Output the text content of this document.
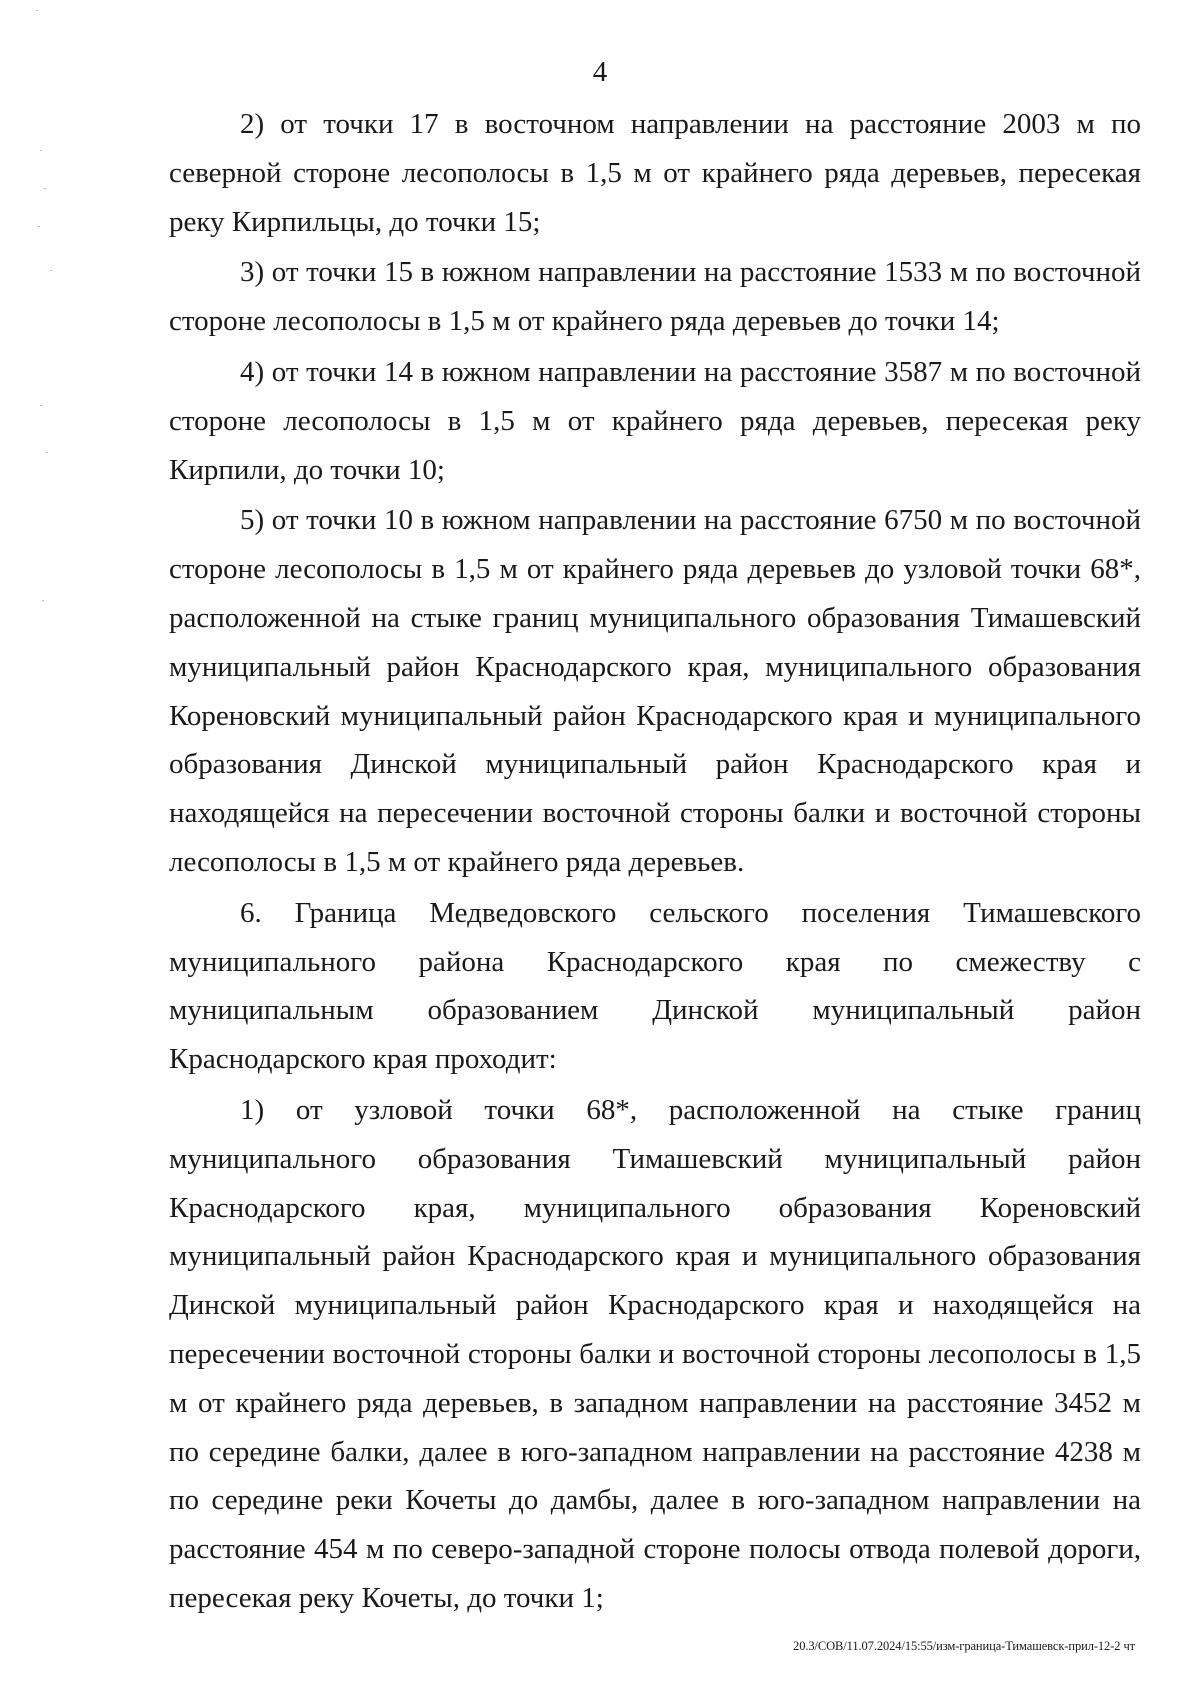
4

2) от точки 17 в восточном направлении на расстояние 2003 м по северной стороне лесополосы в 1,5 м от крайнего ряда деревьев, пересекая реку Кирпильцы, до точки 15;

3) от точки 15 в южном направлении на расстояние 1533 м по восточной стороне лесополосы в 1,5 м от крайнего ряда деревьев до точки 14;

4) от точки 14 в южном направлении на расстояние 3587 м по восточной стороне лесополосы в 1,5 м от крайнего ряда деревьев, пересекая реку Кирпили, до точки 10;

5) от точки 10 в южном направлении на расстояние 6750 м по восточной стороне лесополосы в 1,5 м от крайнего ряда деревьев до узловой точки 68*, расположенной на стыке границ муниципального образования Тимашевский муниципальный район Краснодарского края, муниципального образования Кореновский муниципальный район Краснодарского края и муниципального образования Динской муниципальный район Краснодарского края и находящейся на пересечении восточной стороны балки и восточной стороны лесополосы в 1,5 м от крайнего ряда деревьев.

6. Граница Медведовского сельского поселения Тимашевского муниципального района Краснодарского края по смежеству с муниципальным образованием Динской муниципальный район Краснодарского края проходит:

1) от узловой точки 68*, расположенной на стыке границ муниципального образования Тимашевский муниципальный район Краснодарского края, муниципального образования Кореновский муниципальный район Краснодарского края и муниципального образования Динской муниципальный район Краснодарского края и находящейся на пересечении восточной стороны балки и восточной стороны лесополосы в 1,5 м от крайнего ряда деревьев, в западном направлении на расстояние 3452 м по середине балки, далее в юго-западном направлении на расстояние 4238 м по середине реки Кочеты до дамбы, далее в юго-западном направлении на расстояние 454 м по северо-западной стороне полосы отвода полевой дороги, пересекая реку Кочеты, до точки 1;

20.3/СОВ/11.07.2024/15:55/изм-граница-Тимашевск-прил-12-2 чт
